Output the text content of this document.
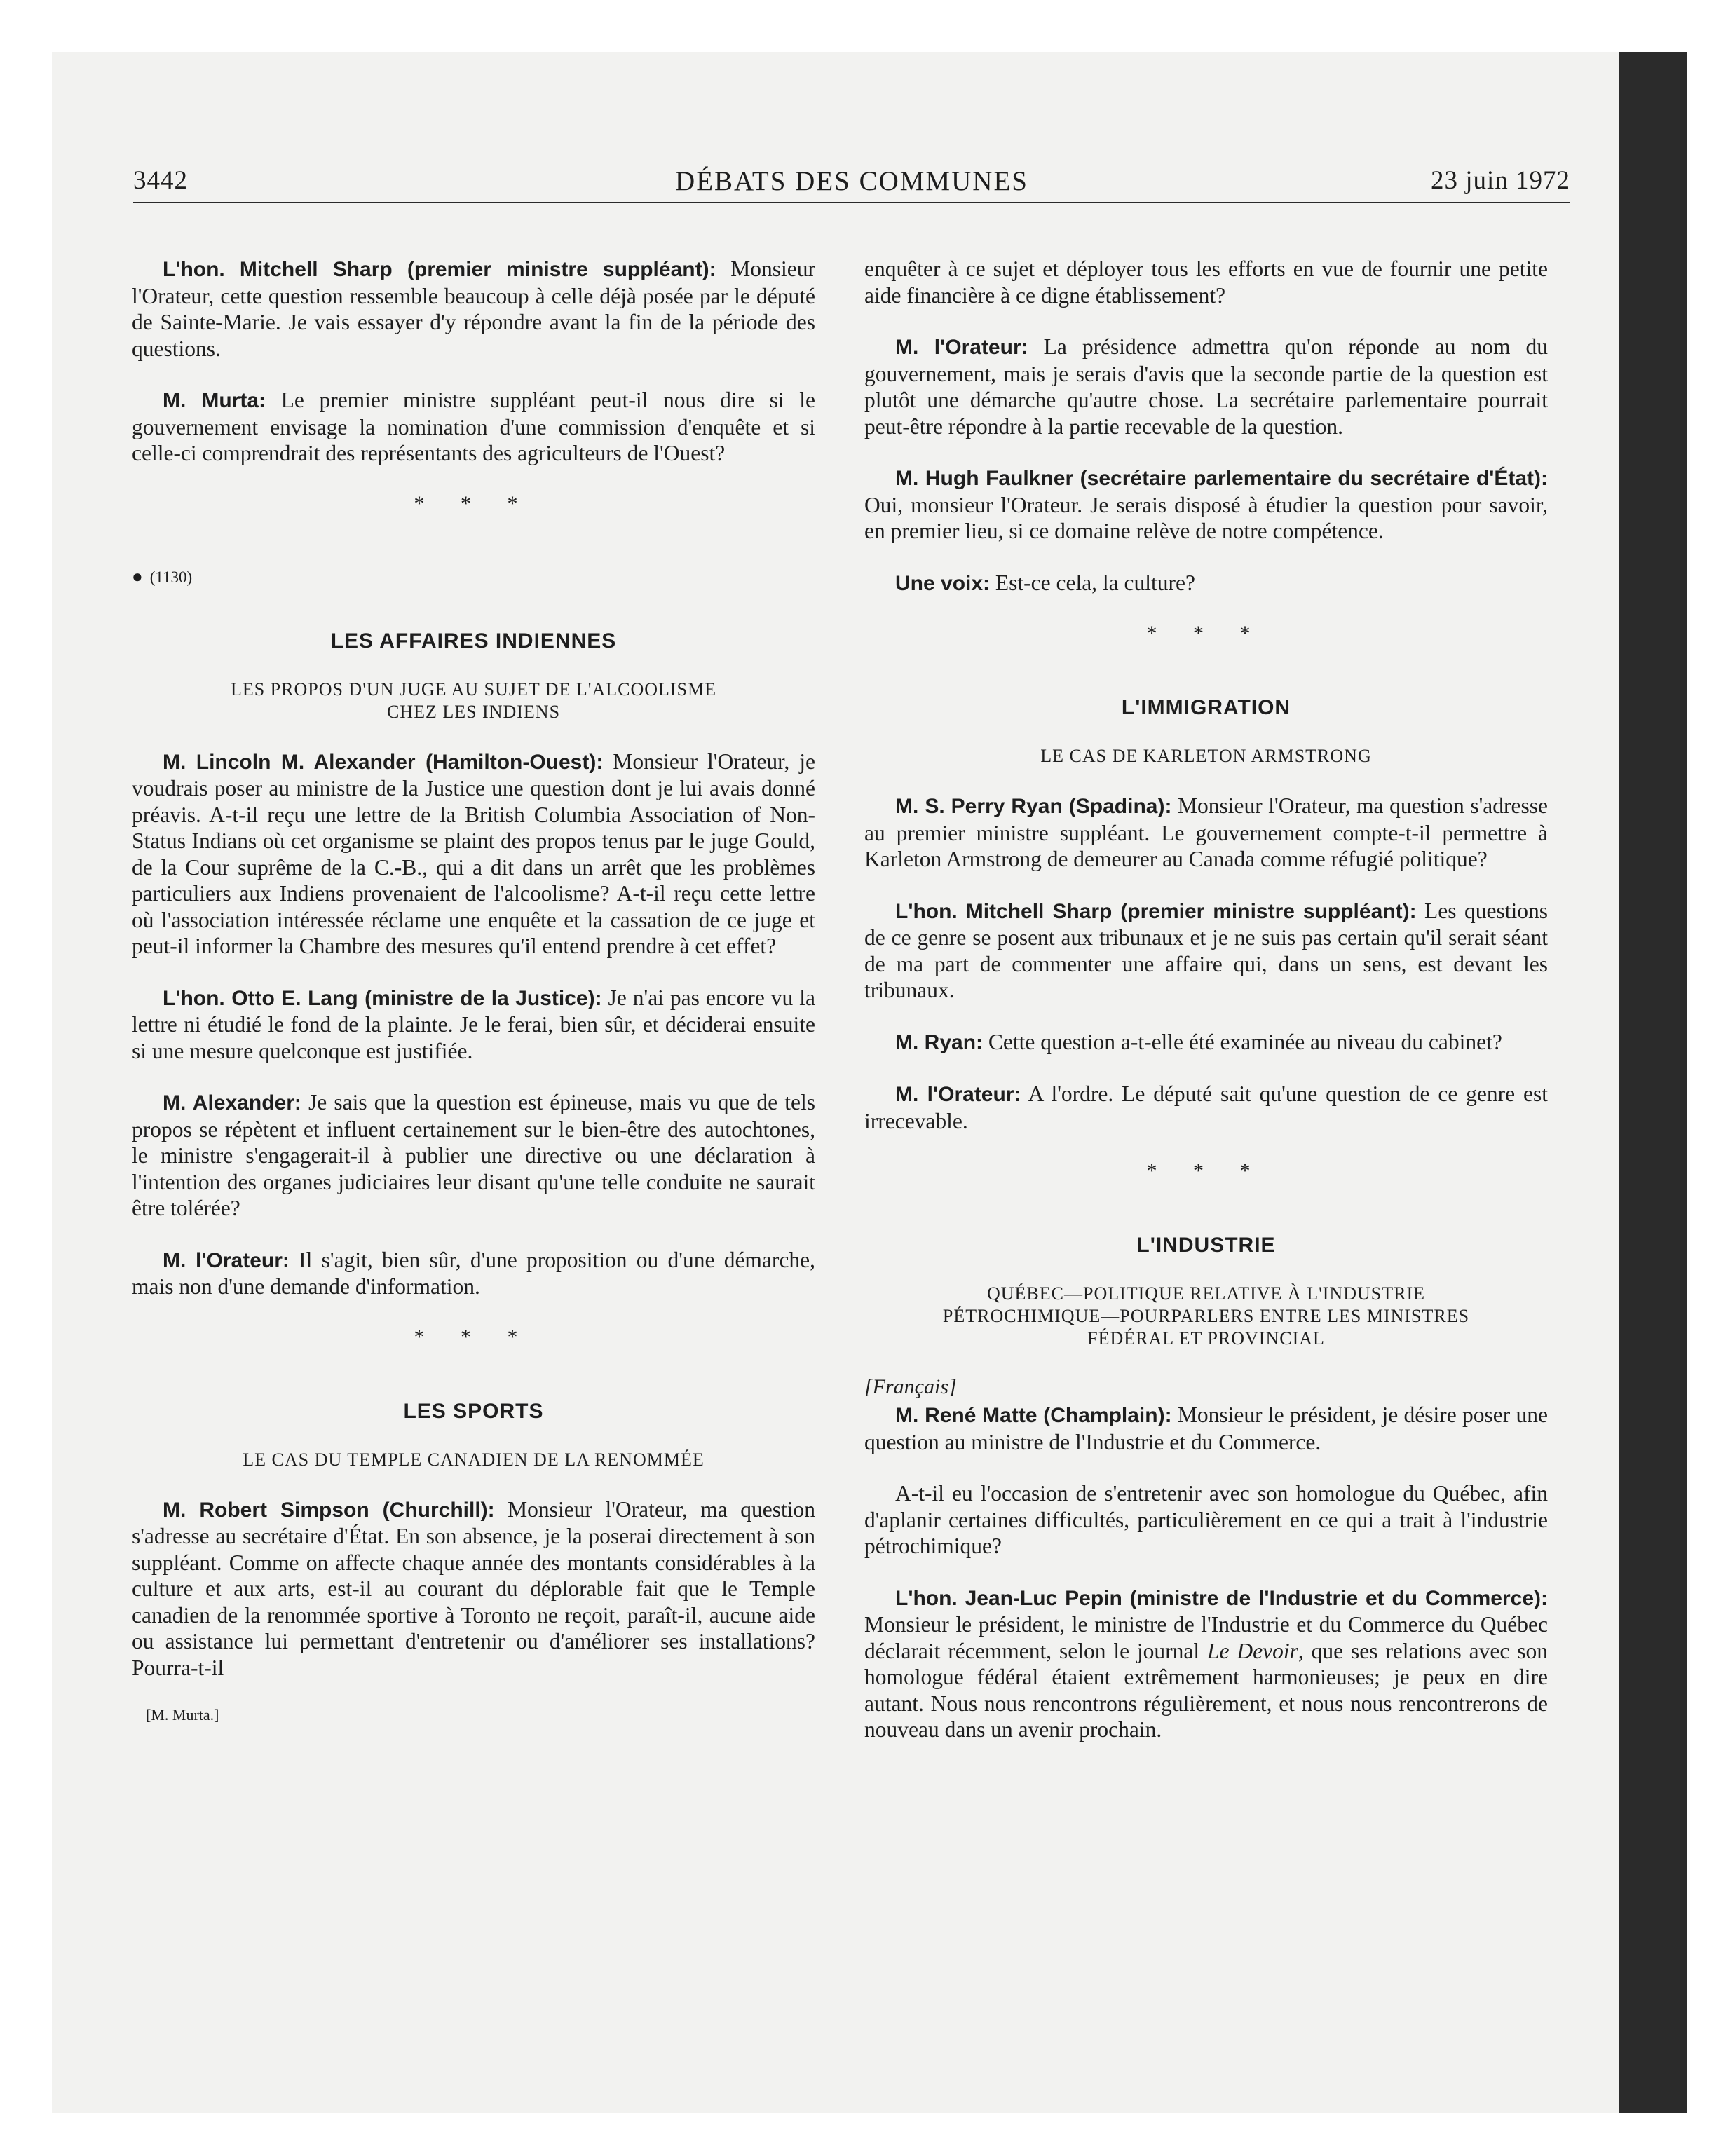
DÉBATS DES COMMUNES
3442	23 juin 1972

L'hon. Mitchell Sharp (premier ministre suppléant): Monsieur l'Orateur, cette question ressemble beaucoup à celle déjà posée par le député de Sainte-Marie. Je vais essayer d'y répondre avant la fin de la période des questions.

M. Murta: Le premier ministre suppléant peut-il nous dire si le gouvernement envisage la nomination d'une commission d'enquête et si celle-ci comprendrait des représentants des agriculteurs de l'Ouest?

* * *
● (1130)
LES AFFAIRES INDIENNES
LES PROPOS D'UN JUGE AU SUJET DE L'ALCOOLISME
CHEZ LES INDIENS

M. Lincoln M. Alexander (Hamilton-Ouest): Monsieur l'Orateur, je voudrais poser au ministre de la Justice une question dont je lui avais donné préavis. A-t-il reçu une lettre de la British Columbia Association of Non-Status Indians où cet organisme se plaint des propos tenus par le juge Gould, de la Cour suprême de la C.-B., qui a dit dans un arrêt que les problèmes particuliers aux Indiens provenaient de l'alcoolisme? A-t-il reçu cette lettre où l'association intéressée réclame une enquête et la cassation de ce juge et peut-il informer la Chambre des mesures qu'il entend prendre à cet effet?

L'hon. Otto E. Lang (ministre de la Justice): Je n'ai pas encore vu la lettre ni étudié le fond de la plainte. Je le ferai, bien sûr, et déciderai ensuite si une mesure quelconque est justifiée.

M. Alexander: Je sais que la question est épineuse, mais vu que de tels propos se répètent et influent certainement sur le bien-être des autochtones, le ministre s'engagerait-il à publier une directive ou une déclaration à l'intention des organes judiciaires leur disant qu'une telle conduite ne saurait être tolérée?

M. l'Orateur: Il s'agit, bien sûr, d'une proposition ou d'une démarche, mais non d'une demande d'information.

* * *
LES SPORTS
LE CAS DU TEMPLE CANADIEN DE LA RENOMMÉE

M. Robert Simpson (Churchill): Monsieur l'Orateur, ma question s'adresse au secrétaire d'État. En son absence, je la poserai directement à son suppléant. Comme on affecte chaque année des montants considérables à la culture et aux arts, est-il au courant du déplorable fait que le Temple canadien de la renommée sportive à Toronto ne reçoit, paraît-il, aucune aide ou assistance lui permettant d'entretenir ou d'améliorer ses installations? Pourra-t-il

[M. Murta.]

enquêter à ce sujet et déployer tous les efforts en vue de fournir une petite aide financière à ce digne établissement?

M. l'Orateur: La présidence admettra qu'on réponde au nom du gouvernement, mais je serais d'avis que la seconde partie de la question est plutôt une démarche qu'autre chose. La secrétaire parlementaire pourrait peut-être répondre à la partie recevable de la question.

M. Hugh Faulkner (secrétaire parlementaire du secrétaire d'État): Oui, monsieur l'Orateur. Je serais disposé à étudier la question pour savoir, en premier lieu, si ce domaine relève de notre compétence.

Une voix: Est-ce cela, la culture?

* * *
L'IMMIGRATION
LE CAS DE KARLETON ARMSTRONG

M. S. Perry Ryan (Spadina): Monsieur l'Orateur, ma question s'adresse au premier ministre suppléant. Le gouvernement compte-t-il permettre à Karleton Armstrong de demeurer au Canada comme réfugié politique?

L'hon. Mitchell Sharp (premier ministre suppléant): Les questions de ce genre se posent aux tribunaux et je ne suis pas certain qu'il serait séant de ma part de commenter une affaire qui, dans un sens, est devant les tribunaux.

M. Ryan: Cette question a-t-elle été examinée au niveau du cabinet?

M. l'Orateur: A l'ordre. Le député sait qu'une question de ce genre est irrecevable.

* * *
L'INDUSTRIE
QUÉBEC—POLITIQUE RELATIVE À L'INDUSTRIE
PÉTROCHIMIQUE—POURPARLERS ENTRE LES MINISTRES
FÉDÉRAL ET PROVINCIAL
[Français]

M. René Matte (Champlain): Monsieur le président, je désire poser une question au ministre de l'Industrie et du Commerce.

A-t-il eu l'occasion de s'entretenir avec son homologue du Québec, afin d'aplanir certaines difficultés, particulièrement en ce qui a trait à l'industrie pétrochimique?

L'hon. Jean-Luc Pepin (ministre de l'Industrie et du Commerce): Monsieur le président, le ministre de l'Industrie et du Commerce du Québec déclarait récemment, selon le journal Le Devoir, que ses relations avec son homologue fédéral étaient extrêmement harmonieuses; je peux en dire autant. Nous nous rencontrons régulièrement, et nous nous rencontrerons de nouveau dans un avenir prochain.
